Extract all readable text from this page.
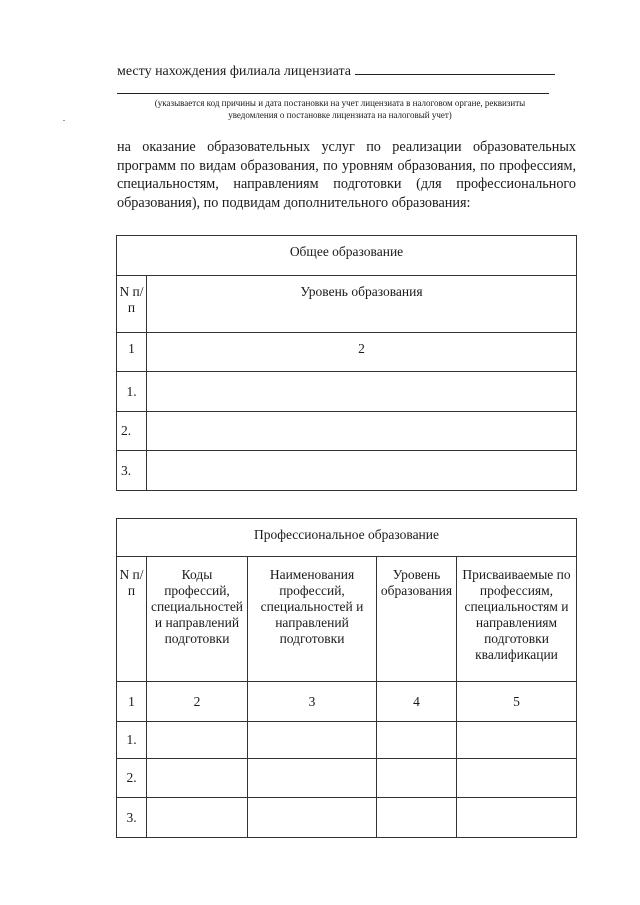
месту нахождения филиала лицензиата
(указывается код причины и дата постановки на учет лицензиата в налоговом органе, реквизиты
уведомления о постановке лицензиата на налоговый учет)
на оказание образовательных услуг по реализации образовательных программ по видам образования, по уровням образования, по профессиям, специальностям, направлениям подготовки (для профессионального образования), по подвидам дополнительного образования:
Общее образование	
N п/п	Уровень образования
1	2
1.	
2.	
3.	
Профессиональное образование				
N п/п	Коды профессий, специальностей и направлений подготовки	Наименования профессий, специальностей и направлений подготовки	Уровень образования	Присваиваемые по профессиям, специальностям и направлениям подготовки квалификации
1	2	3	4	5
1.				
2.				
3.				
